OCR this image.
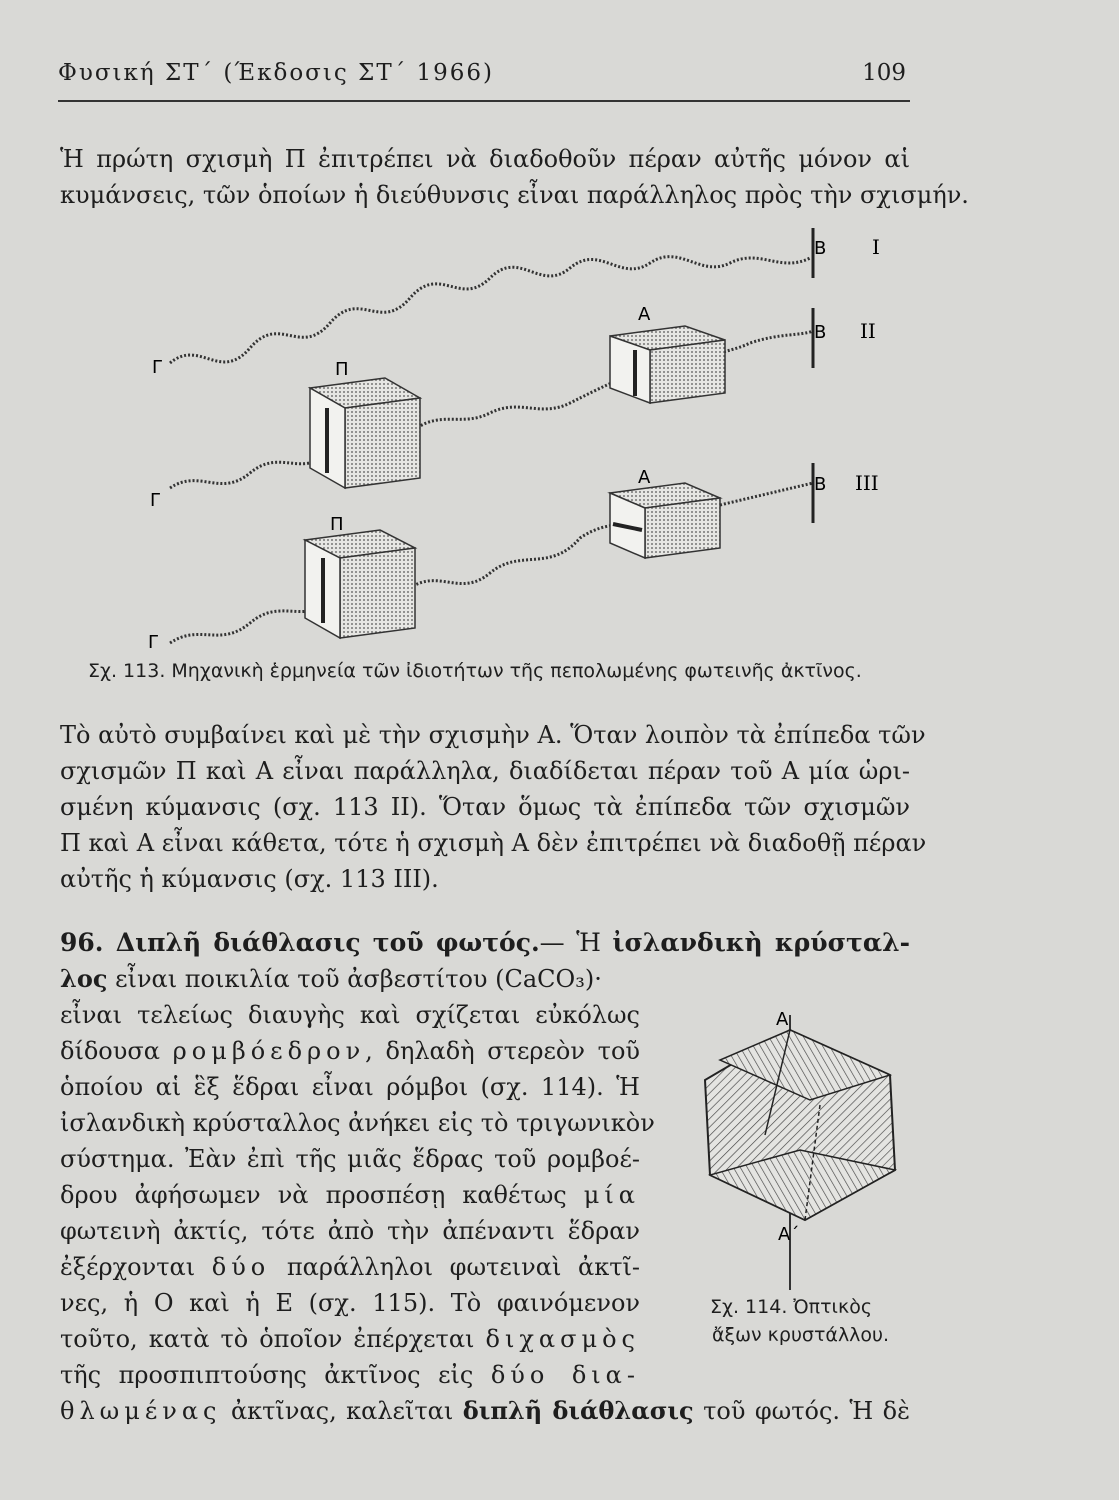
Φυσική ΣΤ΄ (Έκδοσις ΣΤ΄ 1966)	109
Ἡ πρώτη σχισμὴ Π ἐπιτρέπει νὰ διαδοθοῦν πέραν αὐτῆς μόνον αἱ
κυμάνσεις, τῶν ὁποίων ἡ διεύθυνσις εἶναι παράλληλος πρὸς τὴν σχισμήν.
Γ
Γ
Γ
Π
Π
Α
Α
Β
Β
Β
I
II
III
Σχ. 113. Μηχανικὴ ἑρμηνεία τῶν ἰδιοτήτων τῆς πεπολωμένης φωτεινῆς ἀκτῖνος.
Τὸ αὐτὸ συμβαίνει καὶ μὲ τὴν σχισμὴν Α. Ὅταν λοιπὸν τὰ ἐπίπεδα τῶν
σχισμῶν Π καὶ Α εἶναι παράλληλα, διαδίδεται πέραν τοῦ Α μία ὡρι-
σμένη κύμανσις (σχ. 113 II). Ὅταν ὅμως τὰ ἐπίπεδα τῶν σχισμῶν
Π καὶ Α εἶναι κάθετα, τότε ἡ σχισμὴ Α δὲν ἐπιτρέπει νὰ διαδοθῇ πέραν
αὐτῆς ἡ κύμανσις (σχ. 113 III).
96. Διπλῆ διάθλασις τοῦ φωτός.— Ἡ ἰσλανδικὴ κρύσταλ-
λος εἶναι ποικιλία τοῦ ἀσβεστίτου (CaCO₃)·
εἶναι τελείως διαυγὴς καὶ σχίζεται εὐκόλως
δίδουσα ρομβόεδρον, δηλαδὴ στερεὸν τοῦ
ὁποίου αἱ ἓξ ἕδραι εἶναι ρόμβοι (σχ. 114). Ἡ
ἰσλανδικὴ κρύσταλλος ἀνήκει εἰς τὸ τριγωνικὸν
σύστημα. Ἐὰν ἐπὶ τῆς μιᾶς ἕδρας τοῦ ρομβοέ-
δρου ἀφήσωμεν νὰ προσπέσῃ καθέτως μία
φωτεινὴ ἀκτίς, τότε ἀπὸ τὴν ἀπέναντι ἕδραν
ἐξέρχονται δύο παράλληλοι φωτειναὶ ἀκτῖ-
νες, ἡ Ο καὶ ἡ Ε (σχ. 115). Τὸ φαινόμενον
τοῦτο, κατὰ τὸ ὁποῖον ἐπέρχεται διχασμὸς
τῆς προσπιπτούσης ἀκτῖνος εἰς δύο δια-
θλωμένας ἀκτῖνας, καλεῖται διπλῆ διάθλασις τοῦ φωτός. Ἡ δὲ
Α
Α΄
Σχ. 114. Ὀπτικὸς
ἄξων κρυστάλλου.
